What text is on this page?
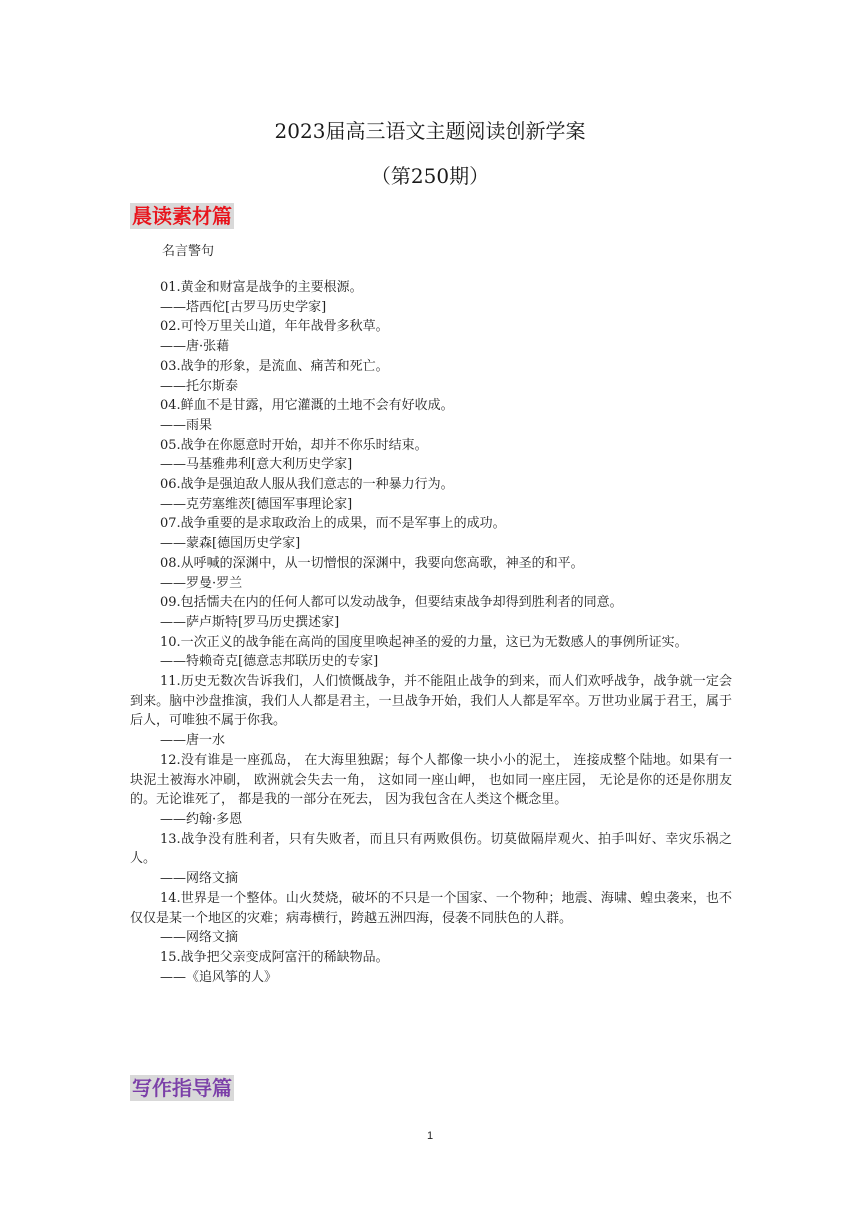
2023届高三语文主题阅读创新学案
（第250期）
晨读素材篇
名言警句

01.黄金和财富是战争的主要根源。

——塔西佗[古罗马历史学家]

02.可怜万里关山道，年年战骨多秋草。

——唐·张藉

03.战争的形象，是流血、痛苦和死亡。

——托尔斯泰

04.鲜血不是甘露，用它灌溉的土地不会有好收成。

——雨果

05.战争在你愿意时开始，却并不你乐时结束。

——马基雅弗利[意大利历史学家]

06.战争是强迫敌人服从我们意志的一种暴力行为。

——克劳塞维茨[德国军事理论家]

07.战争重要的是求取政治上的成果，而不是军事上的成功。

——蒙森[德国历史学家]

08.从呼喊的深渊中，从一切憎恨的深渊中，我要向您高歌，神圣的和平。

——罗曼·罗兰

09.包括懦夫在内的任何人都可以发动战争，但要结束战争却得到胜利者的同意。

——萨卢斯特[罗马历史撰述家]

10.一次正义的战争能在高尚的国度里唤起神圣的爱的力量，这已为无数感人的事例所证实。

——特赖奇克[德意志邦联历史的专家]

11.历史无数次告诉我们，人们愤慨战争，并不能阻止战争的到来，而人们欢呼战争，战争就一定会到来。脑中沙盘推演，我们人人都是君主，一旦战争开始，我们人人都是军卒。万世功业属于君王，属于后人，可唯独不属于你我。

——唐一水

12.没有谁是一座孤岛， 在大海里独踞；每个人都像一块小小的泥土， 连接成整个陆地。如果有一块泥土被海水冲刷， 欧洲就会失去一角， 这如同一座山岬， 也如同一座庄园， 无论是你的还是你朋友的。无论谁死了， 都是我的一部分在死去， 因为我包含在人类这个概念里。

——约翰·多恩

13.战争没有胜利者，只有失败者，而且只有两败俱伤。切莫做隔岸观火、拍手叫好、幸灾乐祸之人。

——网络文摘

14.世界是一个整体。山火焚烧，破坏的不只是一个国家、一个物种；地震、海啸、蝗虫袭来，也不仅仅是某一个地区的灾难；病毒横行，跨越五洲四海，侵袭不同肤色的人群。

——网络文摘

15.战争把父亲变成阿富汗的稀缺物品。

——《追风筝的人》

写作指导篇
1
